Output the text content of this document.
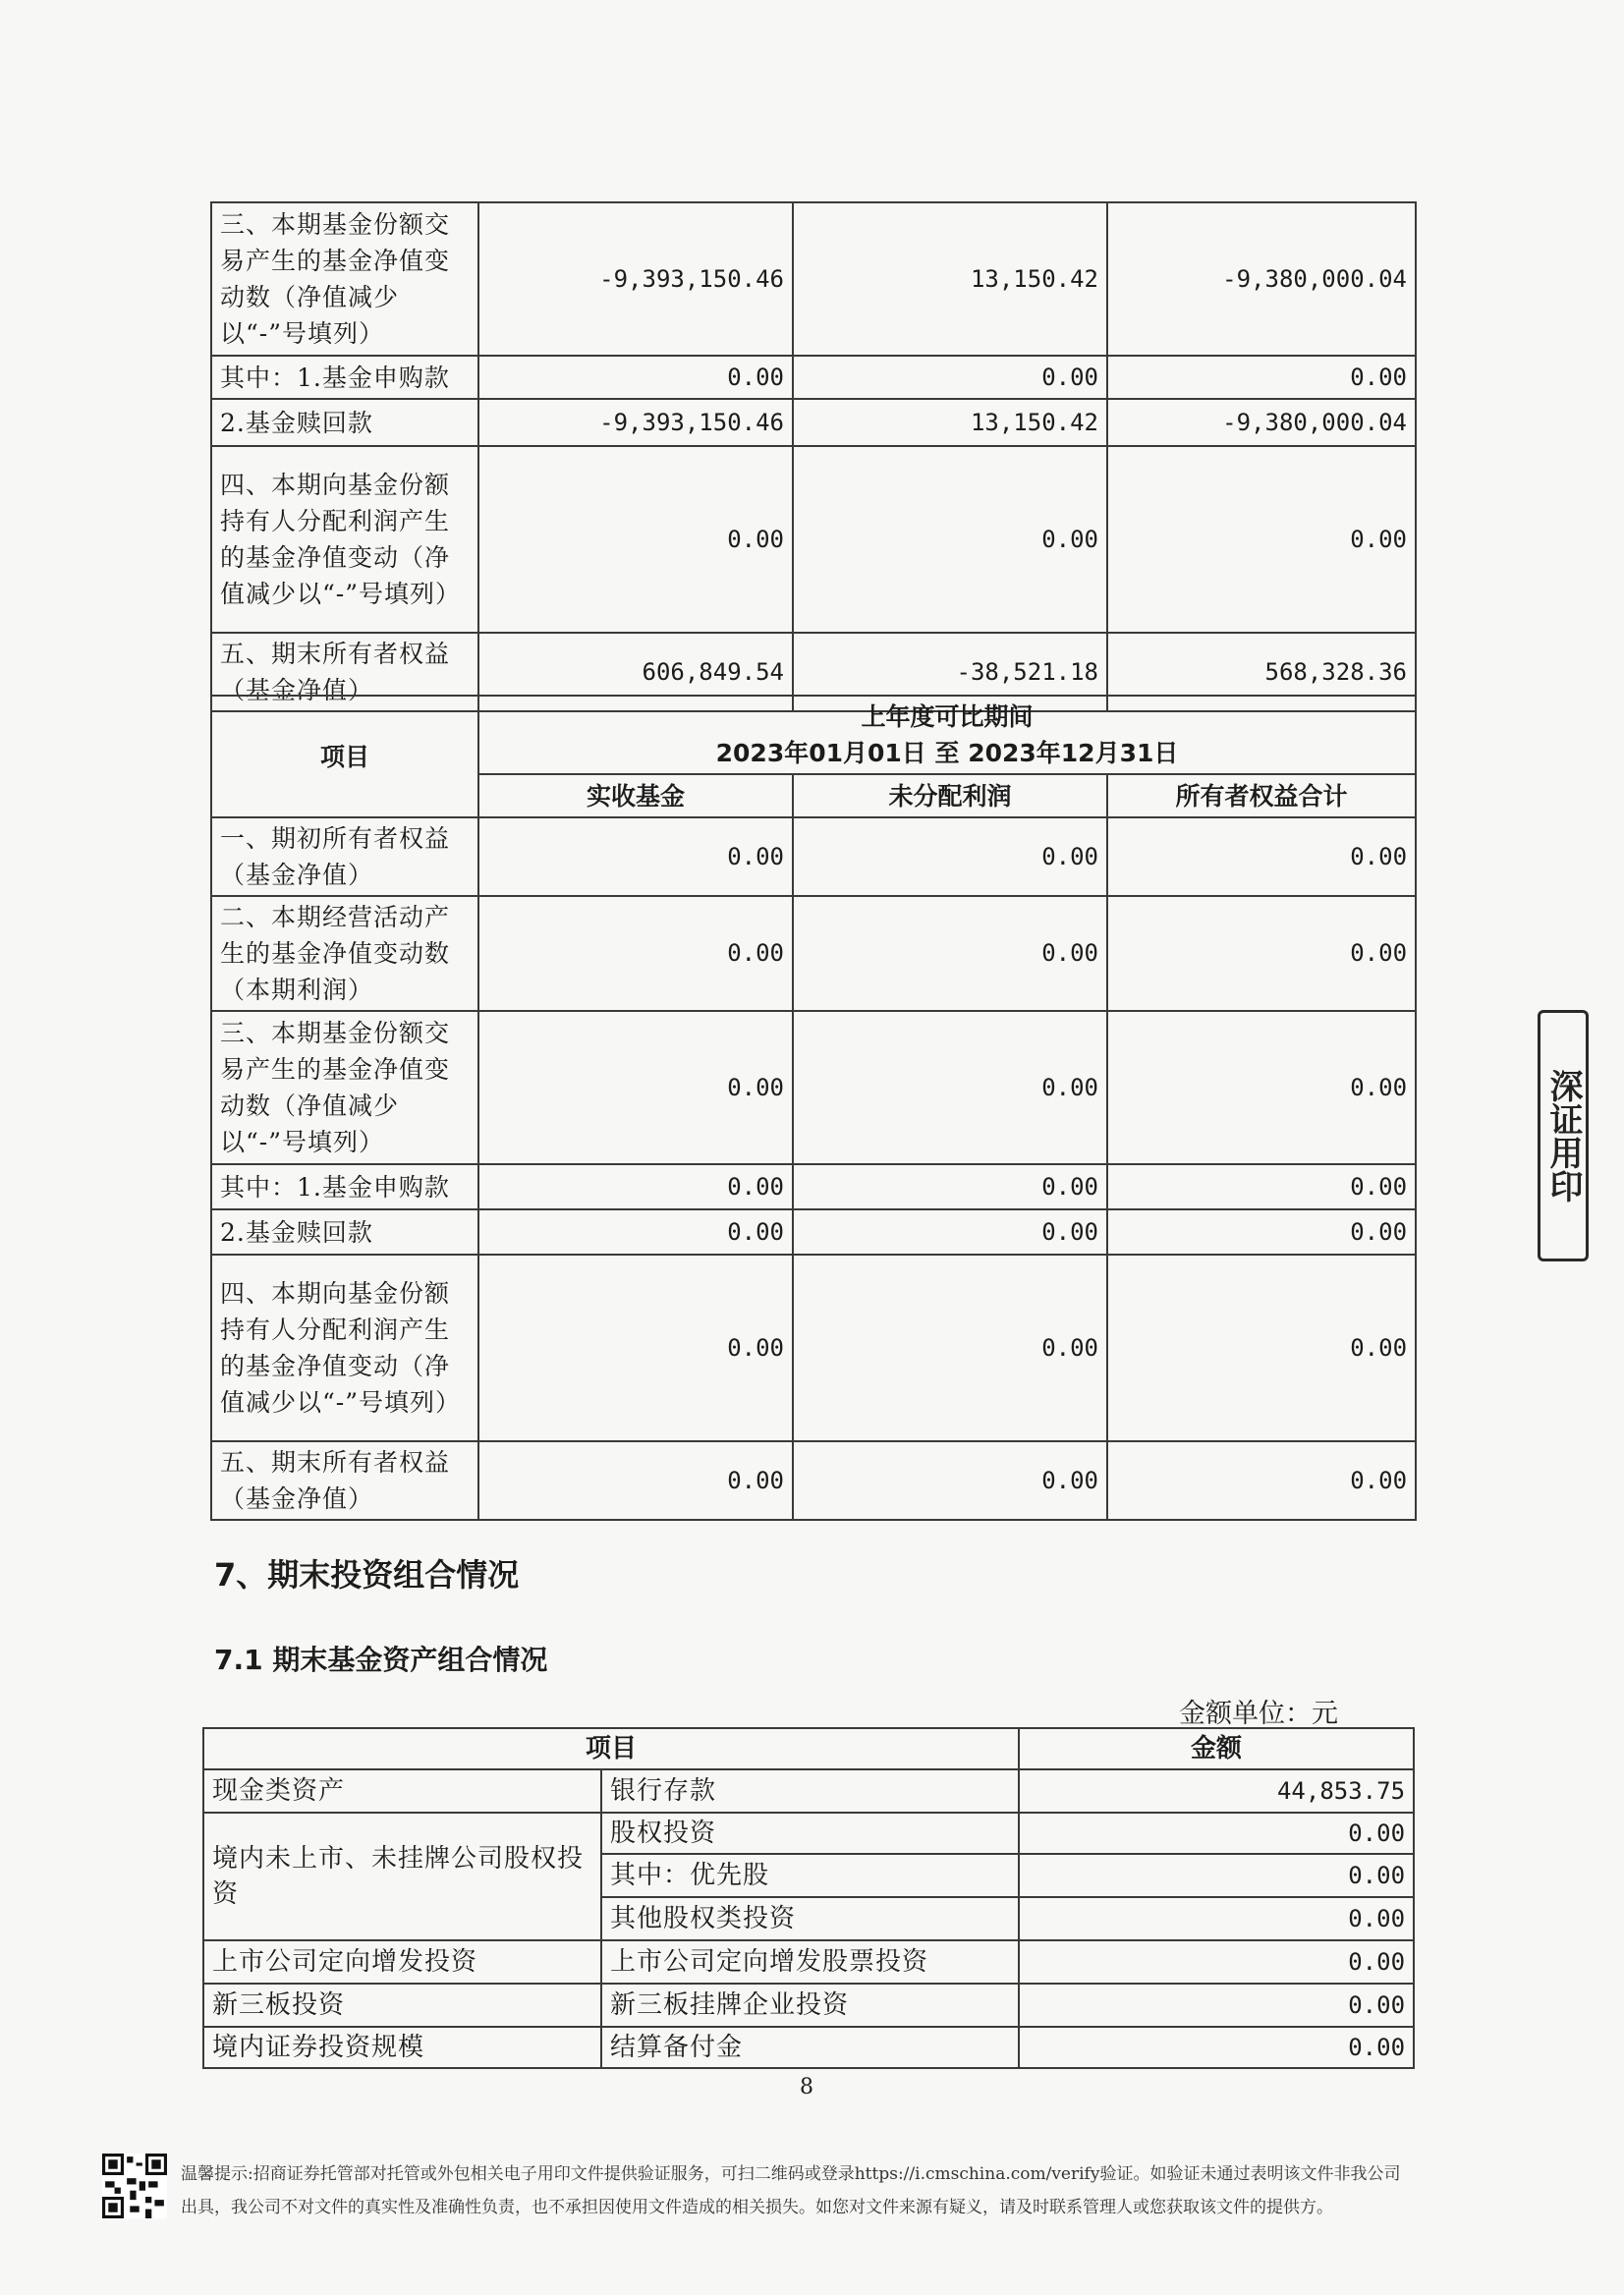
三、本期基金份额交易产生的基金净值变动数（净值减少以“-”号填列）	-9,393,150.46	13,150.42	-9,380,000.04
其中：1.基金申购款	0.00	0.00	0.00
2.基金赎回款	-9,393,150.46	13,150.42	-9,380,000.04
四、本期向基金份额持有人分配利润产生的基金净值变动（净值减少以“-”号填列）	0.00	0.00	0.00
五、期末所有者权益（基金净值）	606,849.54	-38,521.18	568,328.36
项目	上年度可比期间
2023年01月01日 至 2023年12月31日		

	实收基金	未分配利润	所有者权益合计
一、期初所有者权益（基金净值）	0.00	0.00	0.00
二、本期经营活动产生的基金净值变动数（本期利润）	0.00	0.00	0.00
三、本期基金份额交易产生的基金净值变动数（净值减少以“-”号填列）	0.00	0.00	0.00
其中：1.基金申购款	0.00	0.00	0.00
2.基金赎回款	0.00	0.00	0.00
四、本期向基金份额持有人分配利润产生的基金净值变动（净值减少以“-”号填列）	0.00	0.00	0.00
五、期末所有者权益（基金净值）	0.00	0.00	0.00
7、期末投资组合情况
7.1 期末基金资产组合情况
金额单位：元
项目		金额
现金类资产	银行存款	44,853.75
境内未上市、未挂牌公司股权投资	股权投资	0.00
	其中：优先股	0.00
	其他股权类投资	0.00
上市公司定向增发投资	上市公司定向增发股票投资	0.00
新三板投资	新三板挂牌企业投资	0.00
境内证券投资规模	结算备付金	0.00
8
温馨提示:招商证券托管部对托管或外包相关电子用印文件提供验证服务，可扫二维码或登录https://i.cmschina.com/verify验证。如验证未通过表明该文件非我公司出具，我公司不对文件的真实性及准确性负责，也不承担因使用文件造成的相关损失。如您对文件来源有疑义，请及时联系管理人或您获取该文件的提供方。
深证用印
